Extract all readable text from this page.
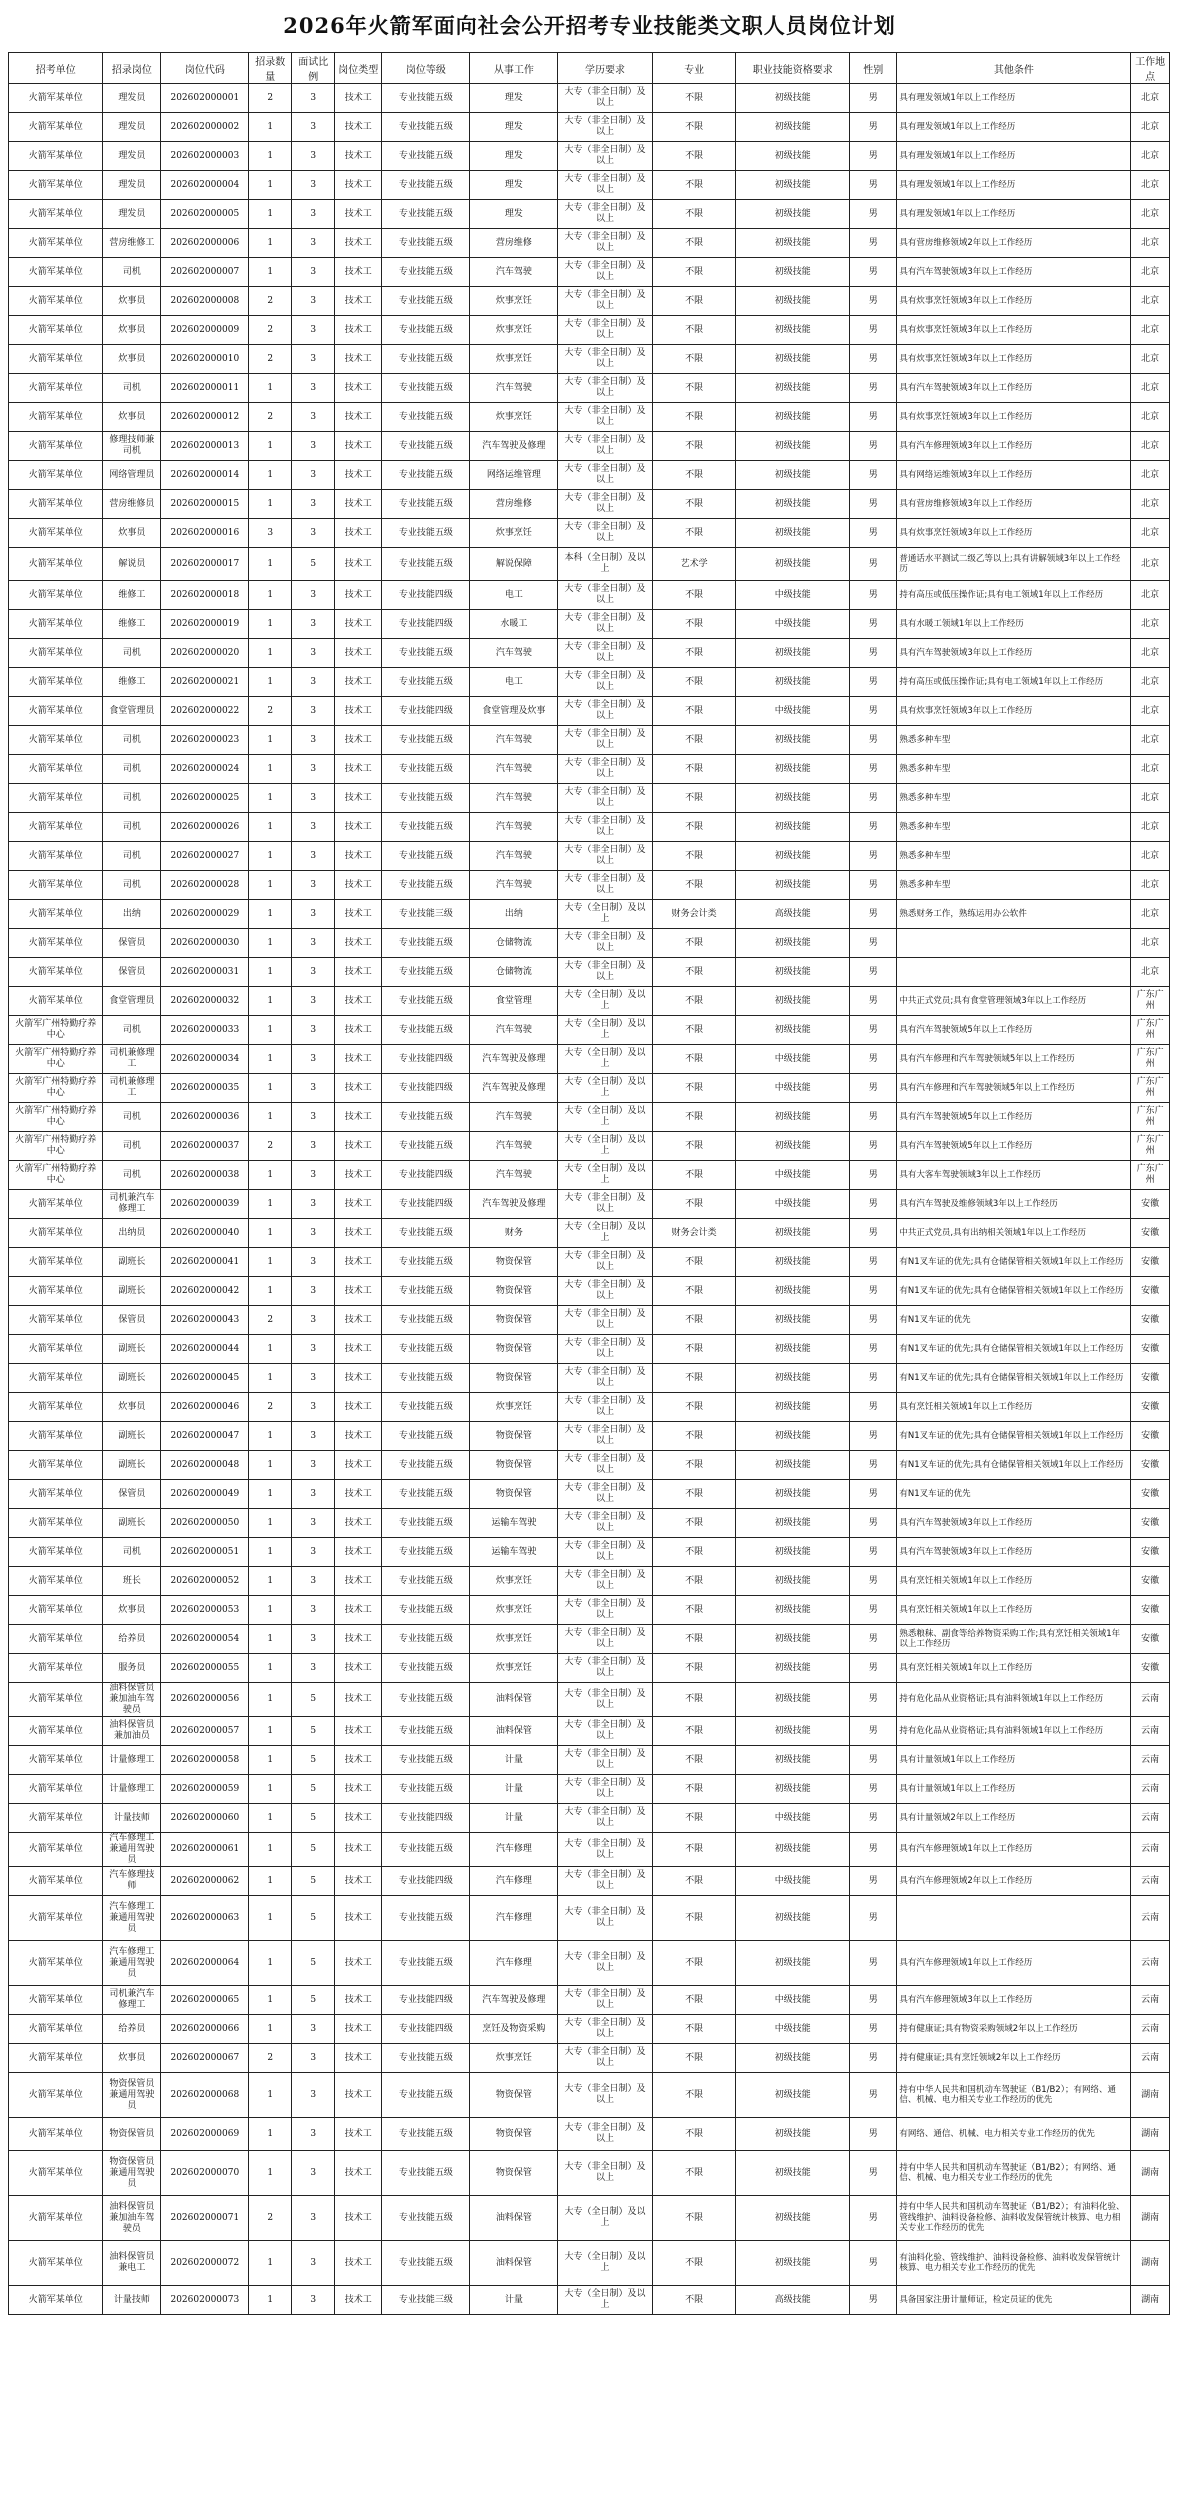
2026年火箭军面向社会公开招考专业技能类文职人员岗位计划
招考单位	招录岗位	岗位代码	招录数量	面试比例	岗位类型	岗位等级	从事工作	学历要求	专业	职业技能资格要求	性别	其他条件	工作地点
火箭军某单位	理发员	202602000001	2	3	技术工	专业技能五级	理发	大专（非全日制）及以上	不限	初级技能	男	具有理发领域1年以上工作经历	北京
火箭军某单位	理发员	202602000002	1	3	技术工	专业技能五级	理发	大专（非全日制）及以上	不限	初级技能	男	具有理发领域1年以上工作经历	北京
火箭军某单位	理发员	202602000003	1	3	技术工	专业技能五级	理发	大专（非全日制）及以上	不限	初级技能	男	具有理发领域1年以上工作经历	北京
火箭军某单位	理发员	202602000004	1	3	技术工	专业技能五级	理发	大专（非全日制）及以上	不限	初级技能	男	具有理发领域1年以上工作经历	北京
火箭军某单位	理发员	202602000005	1	3	技术工	专业技能五级	理发	大专（非全日制）及以上	不限	初级技能	男	具有理发领域1年以上工作经历	北京
火箭军某单位	营房维修工	202602000006	1	3	技术工	专业技能五级	营房维修	大专（非全日制）及以上	不限	初级技能	男	具有营房维修领域2年以上工作经历	北京
火箭军某单位	司机	202602000007	1	3	技术工	专业技能五级	汽车驾驶	大专（非全日制）及以上	不限	初级技能	男	具有汽车驾驶领域3年以上工作经历	北京
火箭军某单位	炊事员	202602000008	2	3	技术工	专业技能五级	炊事烹饪	大专（非全日制）及以上	不限	初级技能	男	具有炊事烹饪领域3年以上工作经历	北京
火箭军某单位	炊事员	202602000009	2	3	技术工	专业技能五级	炊事烹饪	大专（非全日制）及以上	不限	初级技能	男	具有炊事烹饪领域3年以上工作经历	北京
火箭军某单位	炊事员	202602000010	2	3	技术工	专业技能五级	炊事烹饪	大专（非全日制）及以上	不限	初级技能	男	具有炊事烹饪领域3年以上工作经历	北京
火箭军某单位	司机	202602000011	1	3	技术工	专业技能五级	汽车驾驶	大专（非全日制）及以上	不限	初级技能	男	具有汽车驾驶领域3年以上工作经历	北京
火箭军某单位	炊事员	202602000012	2	3	技术工	专业技能五级	炊事烹饪	大专（非全日制）及以上	不限	初级技能	男	具有炊事烹饪领域3年以上工作经历	北京
火箭军某单位	修理技师兼司机	202602000013	1	3	技术工	专业技能五级	汽车驾驶及修理	大专（非全日制）及以上	不限	初级技能	男	具有汽车修理领域3年以上工作经历	北京
火箭军某单位	网络管理员	202602000014	1	3	技术工	专业技能五级	网络运维管理	大专（非全日制）及以上	不限	初级技能	男	具有网络运维领域3年以上工作经历	北京
火箭军某单位	营房维修员	202602000015	1	3	技术工	专业技能五级	营房维修	大专（非全日制）及以上	不限	初级技能	男	具有营房维修领域3年以上工作经历	北京
火箭军某单位	炊事员	202602000016	3	3	技术工	专业技能五级	炊事烹饪	大专（非全日制）及以上	不限	初级技能	男	具有炊事烹饪领域3年以上工作经历	北京
火箭军某单位	解说员	202602000017	1	5	技术工	专业技能五级	解说保障	本科（全日制）及以上	艺术学	初级技能	男	普通话水平测试二级乙等以上;具有讲解领域3年以上工作经历	北京
火箭军某单位	维修工	202602000018	1	3	技术工	专业技能四级	电工	大专（非全日制）及以上	不限	中级技能	男	持有高压或低压操作证;具有电工领域1年以上工作经历	北京
火箭军某单位	维修工	202602000019	1	3	技术工	专业技能四级	水暖工	大专（非全日制）及以上	不限	中级技能	男	具有水暖工领域1年以上工作经历	北京
火箭军某单位	司机	202602000020	1	3	技术工	专业技能五级	汽车驾驶	大专（非全日制）及以上	不限	初级技能	男	具有汽车驾驶领域3年以上工作经历	北京
火箭军某单位	维修工	202602000021	1	3	技术工	专业技能五级	电工	大专（非全日制）及以上	不限	初级技能	男	持有高压或低压操作证;具有电工领域1年以上工作经历	北京
火箭军某单位	食堂管理员	202602000022	2	3	技术工	专业技能四级	食堂管理及炊事	大专（非全日制）及以上	不限	中级技能	男	具有炊事烹饪领域3年以上工作经历	北京
火箭军某单位	司机	202602000023	1	3	技术工	专业技能五级	汽车驾驶	大专（非全日制）及以上	不限	初级技能	男	熟悉多种车型	北京
火箭军某单位	司机	202602000024	1	3	技术工	专业技能五级	汽车驾驶	大专（非全日制）及以上	不限	初级技能	男	熟悉多种车型	北京
火箭军某单位	司机	202602000025	1	3	技术工	专业技能五级	汽车驾驶	大专（非全日制）及以上	不限	初级技能	男	熟悉多种车型	北京
火箭军某单位	司机	202602000026	1	3	技术工	专业技能五级	汽车驾驶	大专（非全日制）及以上	不限	初级技能	男	熟悉多种车型	北京
火箭军某单位	司机	202602000027	1	3	技术工	专业技能五级	汽车驾驶	大专（非全日制）及以上	不限	初级技能	男	熟悉多种车型	北京
火箭军某单位	司机	202602000028	1	3	技术工	专业技能五级	汽车驾驶	大专（非全日制）及以上	不限	初级技能	男	熟悉多种车型	北京
火箭军某单位	出纳	202602000029	1	3	技术工	专业技能三级	出纳	大专（全日制）及以上	财务会计类	高级技能	男	熟悉财务工作，熟练运用办公软件	北京
火箭军某单位	保管员	202602000030	1	3	技术工	专业技能五级	仓储物流	大专（非全日制）及以上	不限	初级技能	男		北京
火箭军某单位	保管员	202602000031	1	3	技术工	专业技能五级	仓储物流	大专（非全日制）及以上	不限	初级技能	男		北京
火箭军某单位	食堂管理员	202602000032	1	3	技术工	专业技能五级	食堂管理	大专（全日制）及以上	不限	初级技能	男	中共正式党员;具有食堂管理领域3年以上工作经历	广东广州
火箭军广州特勤疗养中心	司机	202602000033	1	3	技术工	专业技能五级	汽车驾驶	大专（全日制）及以上	不限	初级技能	男	具有汽车驾驶领域5年以上工作经历	广东广州
火箭军广州特勤疗养中心	司机兼修理工	202602000034	1	3	技术工	专业技能四级	汽车驾驶及修理	大专（全日制）及以上	不限	中级技能	男	具有汽车修理和汽车驾驶领域5年以上工作经历	广东广州
火箭军广州特勤疗养中心	司机兼修理工	202602000035	1	3	技术工	专业技能四级	汽车驾驶及修理	大专（全日制）及以上	不限	中级技能	男	具有汽车修理和汽车驾驶领域5年以上工作经历	广东广州
火箭军广州特勤疗养中心	司机	202602000036	1	3	技术工	专业技能五级	汽车驾驶	大专（全日制）及以上	不限	初级技能	男	具有汽车驾驶领域5年以上工作经历	广东广州
火箭军广州特勤疗养中心	司机	202602000037	2	3	技术工	专业技能五级	汽车驾驶	大专（全日制）及以上	不限	初级技能	男	具有汽车驾驶领域5年以上工作经历	广东广州
火箭军广州特勤疗养中心	司机	202602000038	1	3	技术工	专业技能四级	汽车驾驶	大专（全日制）及以上	不限	中级技能	男	具有大客车驾驶领域3年以上工作经历	广东广州
火箭军某单位	司机兼汽车修理工	202602000039	1	3	技术工	专业技能四级	汽车驾驶及修理	大专（非全日制）及以上	不限	中级技能	男	具有汽车驾驶及维修领域3年以上工作经历	安徽
火箭军某单位	出纳员	202602000040	1	3	技术工	专业技能五级	财务	大专（全日制）及以上	财务会计类	初级技能	男	中共正式党员,具有出纳相关领域1年以上工作经历	安徽
火箭军某单位	副班长	202602000041	1	3	技术工	专业技能五级	物资保管	大专（非全日制）及以上	不限	初级技能	男	有N1叉车证的优先;具有仓储保管相关领域1年以上工作经历	安徽
火箭军某单位	副班长	202602000042	1	3	技术工	专业技能五级	物资保管	大专（非全日制）及以上	不限	初级技能	男	有N1叉车证的优先;具有仓储保管相关领域1年以上工作经历	安徽
火箭军某单位	保管员	202602000043	2	3	技术工	专业技能五级	物资保管	大专（非全日制）及以上	不限	初级技能	男	有N1叉车证的优先	安徽
火箭军某单位	副班长	202602000044	1	3	技术工	专业技能五级	物资保管	大专（非全日制）及以上	不限	初级技能	男	有N1叉车证的优先;具有仓储保管相关领域1年以上工作经历	安徽
火箭军某单位	副班长	202602000045	1	3	技术工	专业技能五级	物资保管	大专（非全日制）及以上	不限	初级技能	男	有N1叉车证的优先;具有仓储保管相关领域1年以上工作经历	安徽
火箭军某单位	炊事员	202602000046	2	3	技术工	专业技能五级	炊事烹饪	大专（非全日制）及以上	不限	初级技能	男	具有烹饪相关领域1年以上工作经历	安徽
火箭军某单位	副班长	202602000047	1	3	技术工	专业技能五级	物资保管	大专（非全日制）及以上	不限	初级技能	男	有N1叉车证的优先;具有仓储保管相关领域1年以上工作经历	安徽
火箭军某单位	副班长	202602000048	1	3	技术工	专业技能五级	物资保管	大专（非全日制）及以上	不限	初级技能	男	有N1叉车证的优先;具有仓储保管相关领域1年以上工作经历	安徽
火箭军某单位	保管员	202602000049	1	3	技术工	专业技能五级	物资保管	大专（非全日制）及以上	不限	初级技能	男	有N1叉车证的优先	安徽
火箭军某单位	副班长	202602000050	1	3	技术工	专业技能五级	运输车驾驶	大专（非全日制）及以上	不限	初级技能	男	具有汽车驾驶领域3年以上工作经历	安徽
火箭军某单位	司机	202602000051	1	3	技术工	专业技能五级	运输车驾驶	大专（非全日制）及以上	不限	初级技能	男	具有汽车驾驶领域3年以上工作经历	安徽
火箭军某单位	班长	202602000052	1	3	技术工	专业技能五级	炊事烹饪	大专（非全日制）及以上	不限	初级技能	男	具有烹饪相关领域1年以上工作经历	安徽
火箭军某单位	炊事员	202602000053	1	3	技术工	专业技能五级	炊事烹饪	大专（非全日制）及以上	不限	初级技能	男	具有烹饪相关领域1年以上工作经历	安徽
火箭军某单位	给养员	202602000054	1	3	技术工	专业技能五级	炊事烹饪	大专（非全日制）及以上	不限	初级技能	男	熟悉粮秣、副食等给养物资采购工作;具有烹饪相关领域1年以上工作经历	安徽
火箭军某单位	服务员	202602000055	1	3	技术工	专业技能五级	炊事烹饪	大专（非全日制）及以上	不限	初级技能	男	具有烹饪相关领域1年以上工作经历	安徽
火箭军某单位	油料保管员兼加油车驾驶员	202602000056	1	5	技术工	专业技能五级	油料保管	大专（非全日制）及以上	不限	初级技能	男	持有危化品从业资格证;具有油料领域1年以上工作经历	云南
火箭军某单位	油料保管员兼加油员	202602000057	1	5	技术工	专业技能五级	油料保管	大专（非全日制）及以上	不限	初级技能	男	持有危化品从业资格证;具有油料领域1年以上工作经历	云南
火箭军某单位	计量修理工	202602000058	1	5	技术工	专业技能五级	计量	大专（非全日制）及以上	不限	初级技能	男	具有计量领域1年以上工作经历	云南
火箭军某单位	计量修理工	202602000059	1	5	技术工	专业技能五级	计量	大专（非全日制）及以上	不限	初级技能	男	具有计量领域1年以上工作经历	云南
火箭军某单位	计量技师	202602000060	1	5	技术工	专业技能四级	计量	大专（非全日制）及以上	不限	中级技能	男	具有计量领域2年以上工作经历	云南
火箭军某单位	汽车修理工兼通用驾驶员	202602000061	1	5	技术工	专业技能五级	汽车修理	大专（非全日制）及以上	不限	初级技能	男	具有汽车修理领域1年以上工作经历	云南
火箭军某单位	汽车修理技师	202602000062	1	5	技术工	专业技能四级	汽车修理	大专（非全日制）及以上	不限	中级技能	男	具有汽车修理领域2年以上工作经历	云南
火箭军某单位	汽车修理工兼通用驾驶员	202602000063	1	5	技术工	专业技能五级	汽车修理	大专（非全日制）及以上	不限	初级技能	男		云南
火箭军某单位	汽车修理工兼通用驾驶员	202602000064	1	5	技术工	专业技能五级	汽车修理	大专（非全日制）及以上	不限	初级技能	男	具有汽车修理领域1年以上工作经历	云南
火箭军某单位	司机兼汽车修理工	202602000065	1	5	技术工	专业技能四级	汽车驾驶及修理	大专（非全日制）及以上	不限	中级技能	男	具有汽车修理领域3年以上工作经历	云南
火箭军某单位	给养员	202602000066	1	3	技术工	专业技能四级	烹饪及物资采购	大专（非全日制）及以上	不限	中级技能	男	持有健康证;具有物资采购领域2年以上工作经历	云南
火箭军某单位	炊事员	202602000067	2	3	技术工	专业技能五级	炊事烹饪	大专（非全日制）及以上	不限	初级技能	男	持有健康证;具有烹饪领域2年以上工作经历	云南
火箭军某单位	物资保管员兼通用驾驶员	202602000068	1	3	技术工	专业技能五级	物资保管	大专（非全日制）及以上	不限	初级技能	男	持有中华人民共和国机动车驾驶证（B1/B2）；有网络、通信、机械、电力相关专业工作经历的优先	湖南
火箭军某单位	物资保管员	202602000069	1	3	技术工	专业技能五级	物资保管	大专（非全日制）及以上	不限	初级技能	男	有网络、通信、机械、电力相关专业工作经历的优先	湖南
火箭军某单位	物资保管员兼通用驾驶员	202602000070	1	3	技术工	专业技能五级	物资保管	大专（非全日制）及以上	不限	初级技能	男	持有中华人民共和国机动车驾驶证（B1/B2）；有网络、通信、机械、电力相关专业工作经历的优先	湖南
火箭军某单位	油料保管员兼加油车驾驶员	202602000071	2	3	技术工	专业技能五级	油料保管	大专（全日制）及以上	不限	初级技能	男	持有中华人民共和国机动车驾驶证（B1/B2）；有油料化验、管线维护、油料设备检修、油料收发保管统计核算、电力相关专业工作经历的优先	湖南
火箭军某单位	油料保管员兼电工	202602000072	1	3	技术工	专业技能五级	油料保管	大专（全日制）及以上	不限	初级技能	男	有油料化验、管线维护、油料设备检修、油料收发保管统计核算、电力相关专业工作经历的优先	湖南
火箭军某单位	计量技师	202602000073	1	3	技术工	专业技能三级	计量	大专（全日制）及以上	不限	高级技能	男	具备国家注册计量师证，检定员证的优先	湖南
